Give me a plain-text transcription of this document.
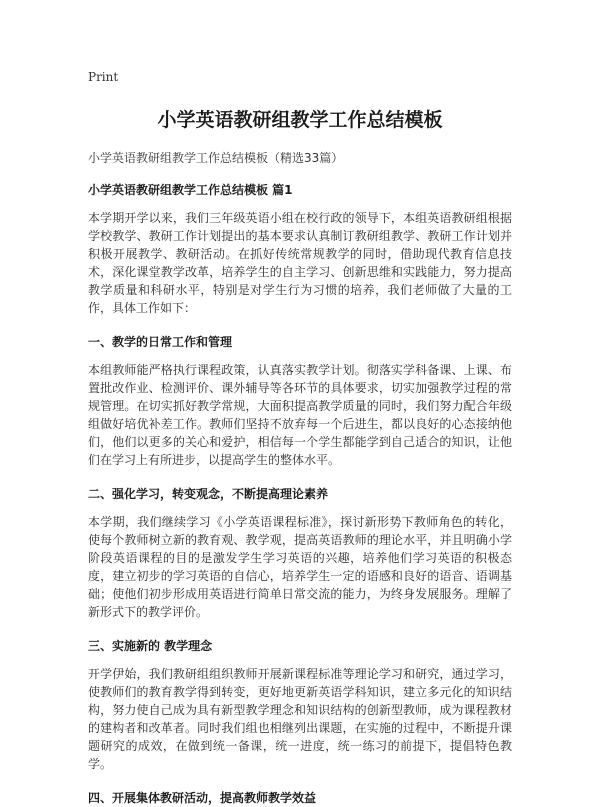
Print
小学英语教研组教学工作总结模板

小学英语教研组教学工作总结模板（精选33篇）

小学英语教研组教学工作总结模板 篇1

本学期开学以来，我们三年级英语小组在校行政的领导下，本组英语教研组根据学校教学、教研工作计划提出的基本要求认真制订教研组教学、教研工作计划并积极开展教学、教研活动。在抓好传统常规教学的同时，借助现代教育信息技术，深化课堂教学改革，培养学生的自主学习、创新思维和实践能力，努力提高教学质量和科研水平，特别是对学生行为习惯的培养，我们老师做了大量的工作，具体工作如下：

一、教学的日常工作和管理

本组教师能严格执行课程政策，认真落实教学计划。彻落实学科备课、上课、布置批改作业、检测评价、课外辅导等各环节的具体要求，切实加强教学过程的常规管理。在切实抓好教学常规，大面积提高教学质量的同时，我们努力配合年级组做好培优补差工作。教师们坚持不放弃每一个后进生，都以良好的心态接纳他们，他们以更多的关心和爱护，相信每一个学生都能学到自己适合的知识，让他们在学习上有所进步，以提高学生的整体水平。

二、强化学习，转变观念，不断提高理论素养

本学期，我们继续学习《小学英语课程标准》，探讨新形势下教师角色的转化，使每个教师树立新的教育观、教学观，提高英语教师的理论水平，并且明确小学阶段英语课程的目的是激发学生学习英语的兴趣，培养他们学习英语的积极态度，建立初步的学习英语的自信心，培养学生一定的语感和良好的语音、语调基础；使他们初步形成用英语进行简单日常交流的能力，为终身发展服务。理解了新形式下的教学评价。

三、实施新的 教学理念

开学伊始，我们教研组组织教师开展新课程标准等理论学习和研究，通过学习，使教师们的教育教学得到转变，更好地更新英语学科知识，建立多元化的知识结构，努力使自己成为具有新型教学理念和知识结构的创新型教师，成为课程教材的建构者和改革者。同时我们组也相继列出课题，在实施的过程中，不断提升课题研究的成效，在做到统一备课，统一进度，统一练习的前提下，提倡特色教学。

四、开展集体教研活动，提高教师教学效益
